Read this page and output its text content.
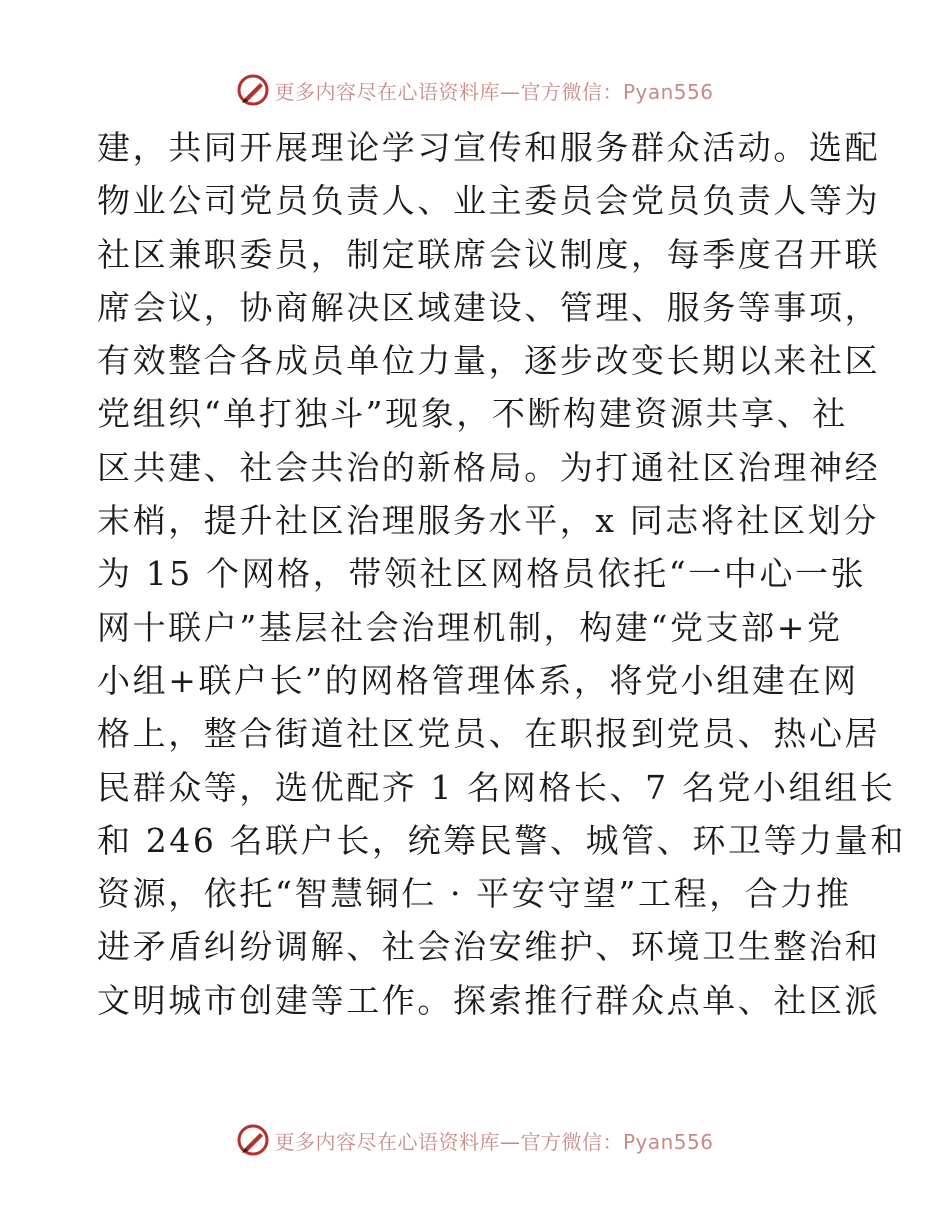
更多内容尽在心语资料库—官方微信：Pyan556
建，共同开展理论学习宣传和服务群众活动。选配
物业公司党员负责人、业主委员会党员负责人等为
社区兼职委员，制定联席会议制度，每季度召开联
席会议，协商解决区域建设、管理、服务等事项，
有效整合各成员单位力量，逐步改变长期以来社区
党组织“单打独斗”现象，不断构建资源共享、社
区共建、社会共治的新格局。为打通社区治理神经
末梢，提升社区治理服务水平，x 同志将社区划分
为 15 个网格，带领社区网格员依托“一中心一张
网十联户”基层社会治理机制，构建“党支部+党
小组+联户长”的网格管理体系，将党小组建在网
格上，整合街道社区党员、在职报到党员、热心居
民群众等，选优配齐 1 名网格长、7 名党小组组长
和 246 名联户长，统筹民警、城管、环卫等力量和
资源，依托“智慧铜仁 · 平安守望”工程，合力推
进矛盾纠纷调解、社会治安维护、环境卫生整治和
文明城市创建等工作。探索推行群众点单、社区派
更多内容尽在心语资料库—官方微信：Pyan556
